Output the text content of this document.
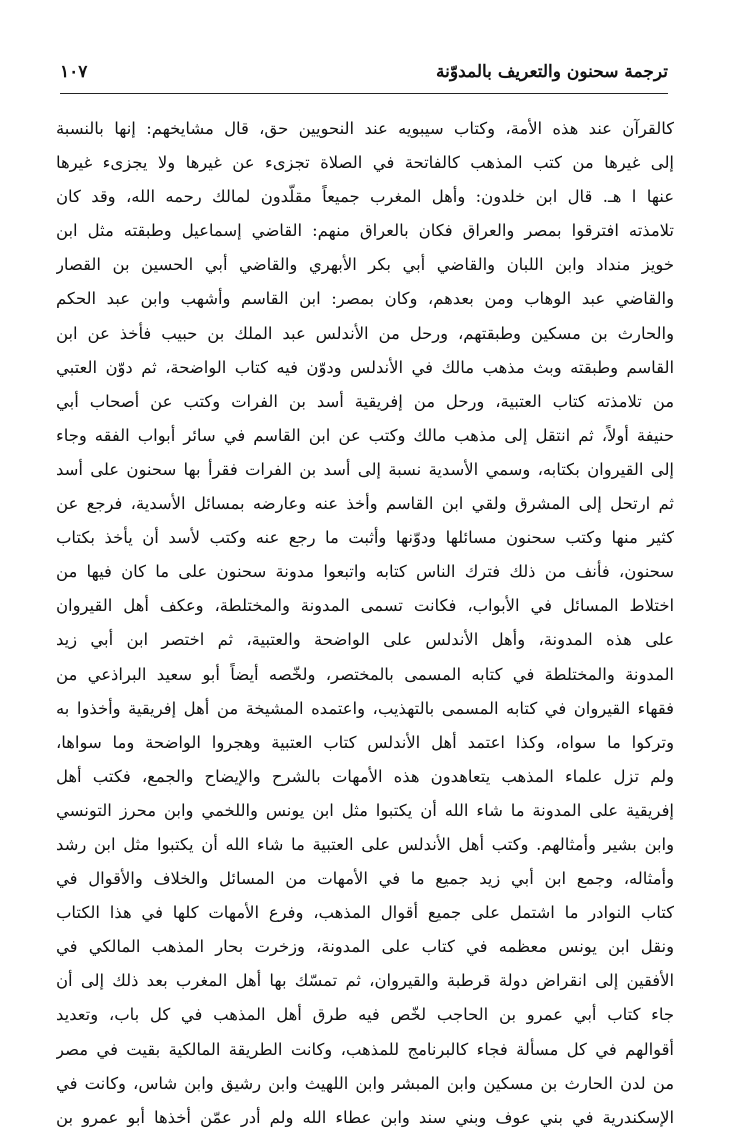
ترجمة سحنون والتعريف بالمدوّنة
١٠٧
كالقرآن عند هذه الأمة، وكتاب سيبويه عند النحويين حق، قال مشايخهم: إنها بالنسبة
إلى غيرها من كتب المذهب كالفاتحة في الصلاة تجزىء عن غيرها ولا يجزىء غيرها
عنها ا هـ. قال ابن خلدون: وأهل المغرب جميعاً مقلّدون لمالك رحمه الله، وقد كان
تلامذته افترقوا بمصر والعراق فكان بالعراق منهم: القاضي إسماعيل وطبقته مثل ابن
خويز منداد وابن اللبان والقاضي أبي بكر الأبهري والقاضي أبي الحسين بن القصار
والقاضي عبد الوهاب ومن بعدهم، وكان بمصر: ابن القاسم وأشهب وابن عبد الحكم
والحارث بن مسكين وطبقتهم، ورحل من الأندلس عبد الملك بن حبيب فأخذ عن ابن
القاسم وطبقته وبث مذهب مالك في الأندلس ودوّن فيه كتاب الواضحة، ثم دوّن العتبي
من تلامذته كتاب العتبية، ورحل من إفريقية أسد بن الفرات وكتب عن أصحاب أبي
حنيفة أولاً، ثم انتقل إلى مذهب مالك وكتب عن ابن القاسم في سائر أبواب الفقه وجاء
إلى القيروان بكتابه، وسمي الأسدية نسبة إلى أسد بن الفرات فقرأ بها سحنون على أسد
ثم ارتحل إلى المشرق ولقي ابن القاسم وأخذ عنه وعارضه بمسائل الأسدية، فرجع عن
كثير منها وكتب سحنون مسائلها ودوّنها وأثبت ما رجع عنه وكتب لأسد أن يأخذ بكتاب
سحنون، فأنف من ذلك فترك الناس كتابه واتبعوا مدونة سحنون على ما كان فيها من
اختلاط المسائل في الأبواب، فكانت تسمى المدونة والمختلطة، وعكف أهل القيروان
على هذه المدونة، وأهل الأندلس على الواضحة والعتبية، ثم اختصر ابن أبي زيد
المدونة والمختلطة في كتابه المسمى بالمختصر، ولخّصه أيضاً أبو سعيد البراذعي من
فقهاء القيروان في كتابه المسمى بالتهذيب، واعتمده المشيخة من أهل إفريقية وأخذوا به
وتركوا ما سواه، وكذا اعتمد أهل الأندلس كتاب العتبية وهجروا الواضحة وما سواها،
ولم تزل علماء المذهب يتعاهدون هذه الأمهات بالشرح والإيضاح والجمع، فكتب أهل
إفريقية على المدونة ما شاء الله أن يكتبوا مثل ابن يونس واللخمي وابن محرز التونسي
وابن بشير وأمثالهم. وكتب أهل الأندلس على العتبية ما شاء الله أن يكتبوا مثل ابن رشد
وأمثاله، وجمع ابن أبي زيد جميع ما في الأمهات من المسائل والخلاف والأقوال في
كتاب النوادر ما اشتمل على جميع أقوال المذهب، وفرع الأمهات كلها في هذا الكتاب
ونقل ابن يونس معظمه في كتاب على المدونة، وزخرت بحار المذهب المالكي في
الأفقين إلى انقراض دولة قرطبة والقيروان، ثم تمسّك بها أهل المغرب بعد ذلك إلى أن
جاء كتاب أبي عمرو بن الحاجب لخّص فيه طرق أهل المذهب في كل باب، وتعديد
أقوالهم في كل مسألة فجاء كالبرنامج للمذهب، وكانت الطريقة المالكية بقيت في مصر
من لدن الحارث بن مسكين وابن المبشر وابن اللهيث وابن رشيق وابن شاس، وكانت في
الإسكندرية في بني عوف وبني سند وابن عطاء الله ولم أدر عمّن أخذها أبو عمرو بن
